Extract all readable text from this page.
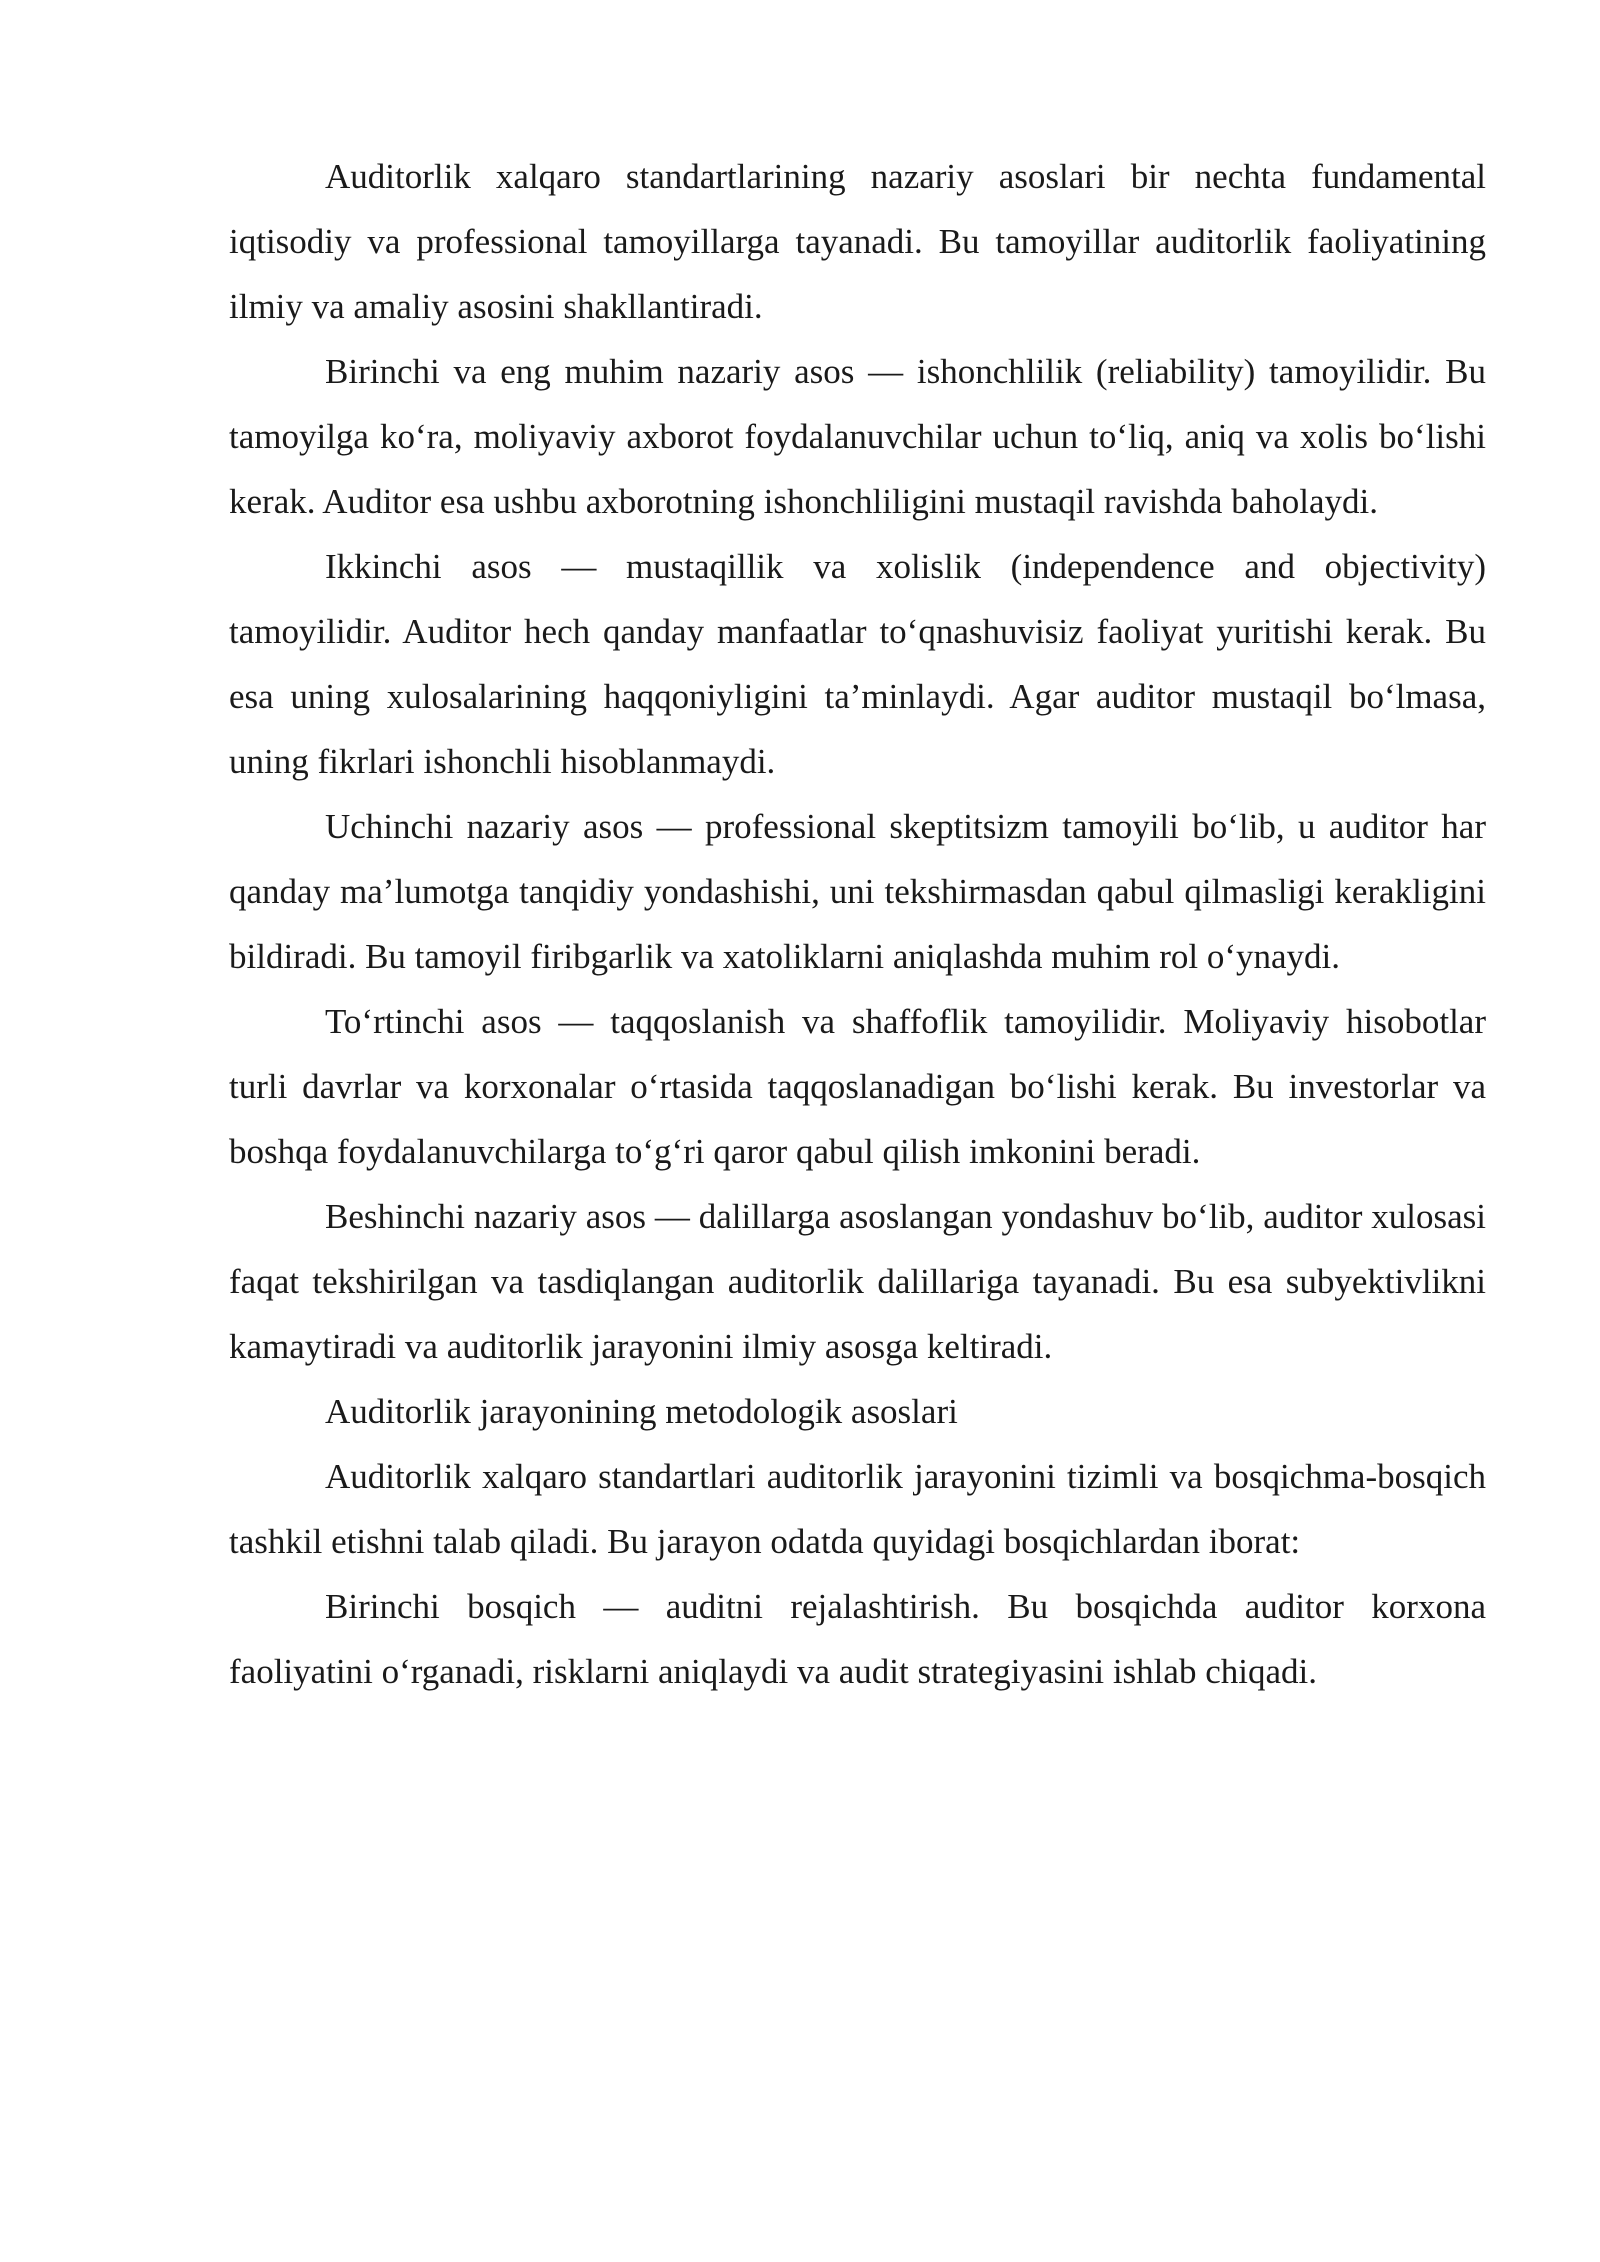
Auditorlik xalqaro standartlarining nazariy asoslari bir nechta fundamental iqtisodiy va professional tamoyillarga tayanadi. Bu tamoyillar auditorlik faoliyatining ilmiy va amaliy asosini shakllantiradi.

Birinchi va eng muhim nazariy asos — ishonchlilik (reliability) tamoyilidir. Bu tamoyilga ko‘ra, moliyaviy axborot foydalanuvchilar uchun to‘liq, aniq va xolis bo‘lishi kerak. Auditor esa ushbu axborotning ishonchliligini mustaqil ravishda baholaydi.

Ikkinchi asos — mustaqillik va xolislik (independence and objectivity) tamoyilidir. Auditor hech qanday manfaatlar to‘qnashuvisiz faoliyat yuritishi kerak. Bu esa uning xulosalarining haqqoniyligini ta’minlaydi. Agar auditor mustaqil bo‘lmasa, uning fikrlari ishonchli hisoblanmaydi.

Uchinchi nazariy asos — professional skeptitsizm tamoyili bo‘lib, u auditor har qanday ma’lumotga tanqidiy yondashishi, uni tekshirmasdan qabul qilmasligi kerakligini bildiradi. Bu tamoyil firibgarlik va xatoliklarni aniqlashda muhim rol o‘ynaydi.

To‘rtinchi asos — taqqoslanish va shaffoflik tamoyilidir. Moliyaviy hisobotlar turli davrlar va korxonalar o‘rtasida taqqoslanadigan bo‘lishi kerak. Bu investorlar va boshqa foydalanuvchilarga to‘g‘ri qaror qabul qilish imkonini beradi.

Beshinchi nazariy asos — dalillarga asoslangan yondashuv bo‘lib, auditor xulosasi faqat tekshirilgan va tasdiqlangan auditorlik dalillariga tayanadi. Bu esa subyektivlikni kamaytiradi va auditorlik jarayonini ilmiy asosga keltiradi.

Auditorlik jarayonining metodologik asoslari

Auditorlik xalqaro standartlari auditorlik jarayonini tizimli va bosqichma-bosqich tashkil etishni talab qiladi. Bu jarayon odatda quyidagi bosqichlardan iborat:

Birinchi bosqich — auditni rejalashtirish. Bu bosqichda auditor korxona faoliyatini o‘rganadi, risklarni aniqlaydi va audit strategiyasini ishlab chiqadi.
